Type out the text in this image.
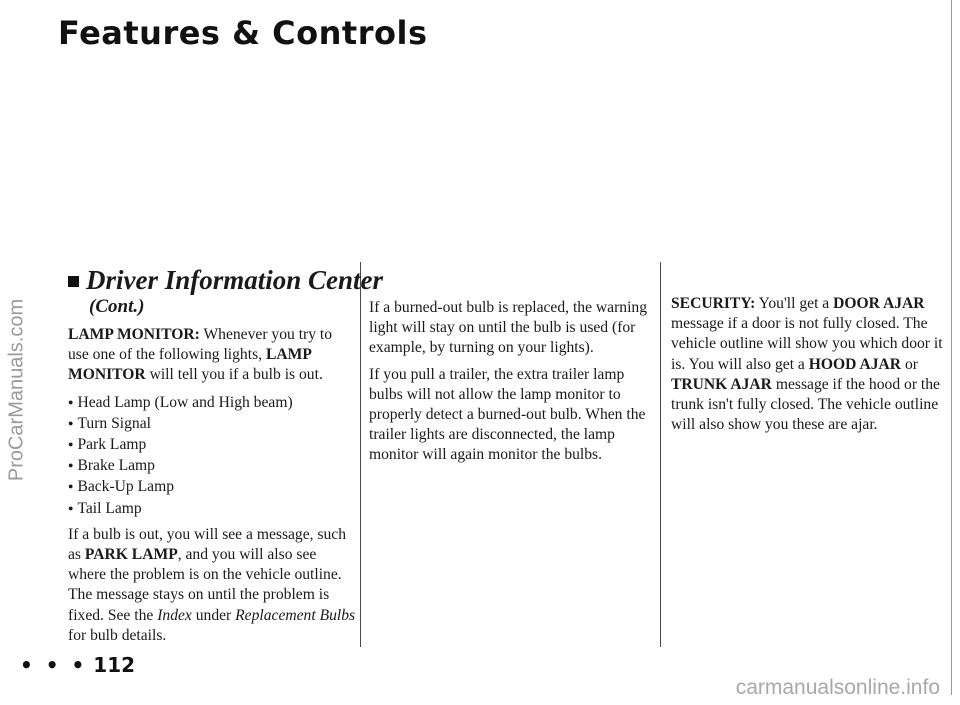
Features & Controls
ProCarManuals.com
Driver Information Center
(Cont.)

LAMP MONITOR: Whenever you try to use one of the following lights, LAMP MONITOR will tell you if a bulb is out.

● Head Lamp (Low and High beam)
● Turn Signal
● Park Lamp
● Brake Lamp
● Back-Up Lamp
● Tail Lamp

If a bulb is out, you will see a message, such as PARK LAMP, and you will also see where the problem is on the vehicle outline. The message stays on until the problem is fixed. See the Index under Replacement Bulbs for bulb details.

If a burned-out bulb is replaced, the warning light will stay on until the bulb is used (for example, by turning on your lights).

If you pull a trailer, the extra trailer lamp bulbs will not allow the lamp monitor to properly detect a burned-out bulb. When the trailer lights are disconnected, the lamp monitor will again monitor the bulbs.

SECURITY: You'll get a DOOR AJAR message if a door is not fully closed. The vehicle outline will show you which door it is. You will also get a HOOD AJAR or TRUNK AJAR message if the hood or the trunk isn't fully closed. The vehicle outline will also show you these are ajar.

• • • 112
carmanualsonline.info
